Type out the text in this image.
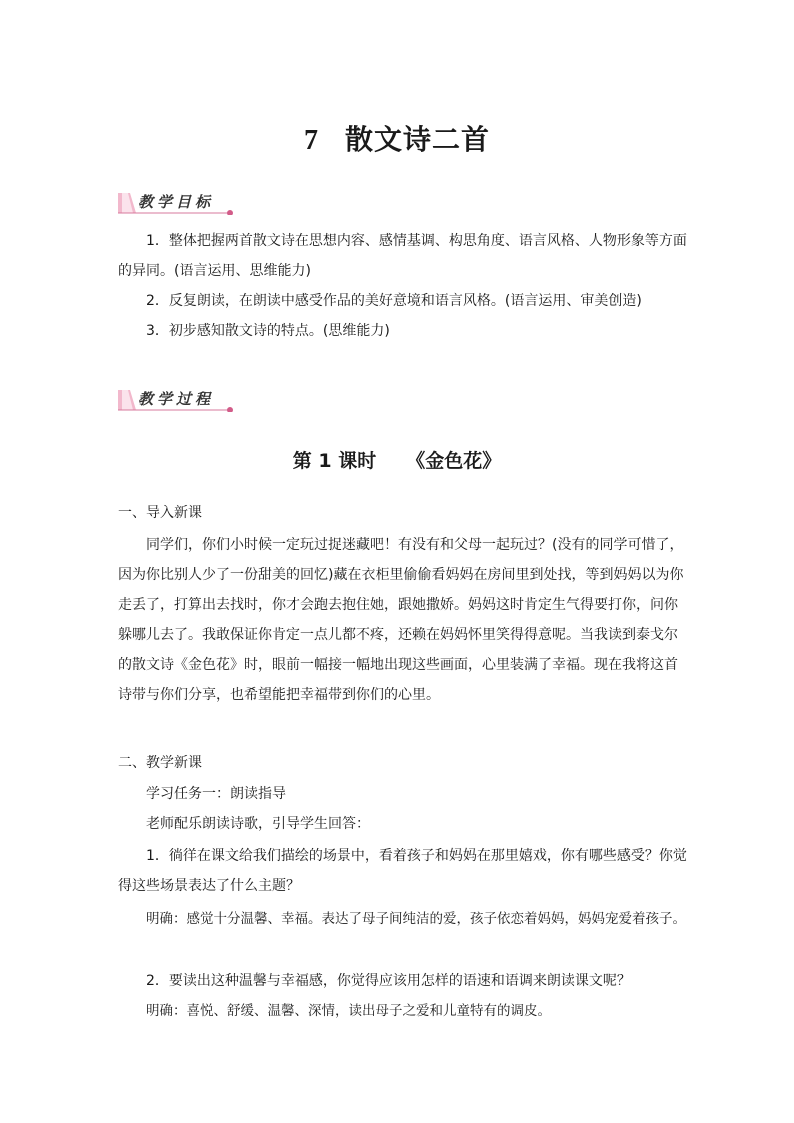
7 散文诗二首
教学目标
1．整体把握两首散文诗在思想内容、感情基调、构思角度、语言风格、人物形象等方面的异同。(语言运用、思维能力)
2．反复朗读，在朗读中感受作品的美好意境和语言风格。(语言运用、审美创造)
3．初步感知散文诗的特点。(思维能力)
教学过程
第 1 课时 《金色花》
一、导入新课
同学们，你们小时候一定玩过捉迷藏吧！有没有和父母一起玩过？(没有的同学可惜了，因为你比别人少了一份甜美的回忆)藏在衣柜里偷偷看妈妈在房间里到处找，等到妈妈以为你走丢了，打算出去找时，你才会跑去抱住她，跟她撒娇。妈妈这时肯定生气得要打你，问你躲哪儿去了。我敢保证你肯定一点儿都不疼，还赖在妈妈怀里笑得得意呢。当我读到泰戈尔的散文诗《金色花》时，眼前一幅接一幅地出现这些画面，心里装满了幸福。现在我将这首诗带与你们分享，也希望能把幸福带到你们的心里。
二、教学新课
学习任务一：朗读指导
老师配乐朗读诗歌，引导学生回答：
1．徜徉在课文给我们描绘的场景中，看着孩子和妈妈在那里嬉戏，你有哪些感受？你觉得这些场景表达了什么主题？
明确：感觉十分温馨、幸福。表达了母子间纯洁的爱，孩子依恋着妈妈，妈妈宠爱着孩子。
2．要读出这种温馨与幸福感，你觉得应该用怎样的语速和语调来朗读课文呢？
明确：喜悦、舒缓、温馨、深情，读出母子之爱和儿童特有的调皮。
